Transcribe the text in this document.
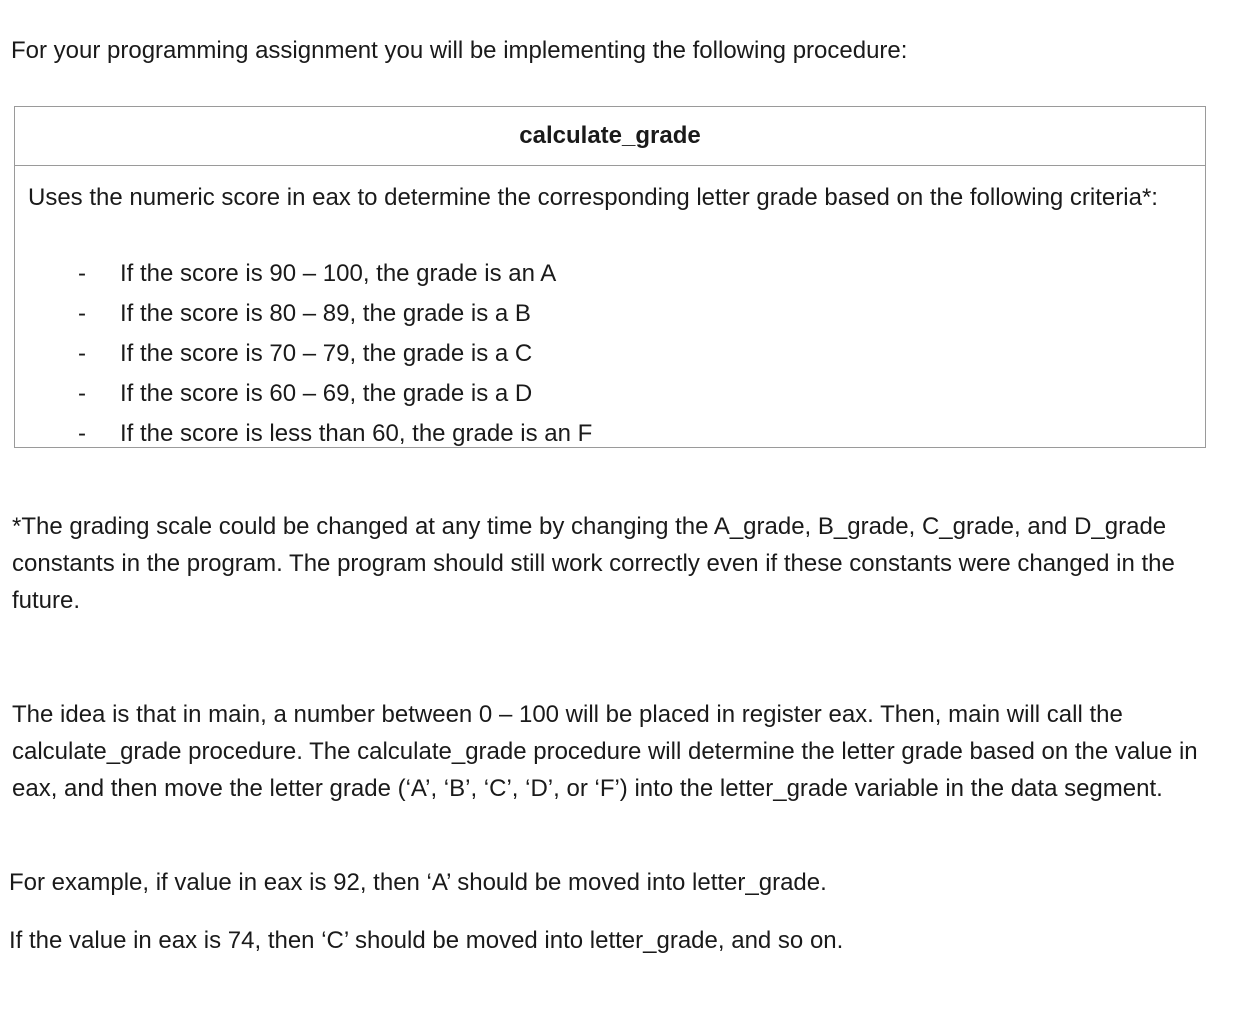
For your programming assignment you will be implementing the following procedure:
calculate_grade
Uses the numeric score in eax to determine the corresponding letter grade based on the following criteria*:
- If the score is 90 – 100, the grade is an A
- If the score is 80 – 89, the grade is a B
- If the score is 70 – 79, the grade is a C
- If the score is 60 – 69, the grade is a D
- If the score is less than 60, the grade is an F
*The grading scale could be changed at any time by changing the A_grade, B_grade, C_grade, and D_grade constants in the program. The program should still work correctly even if these constants were changed in the future.
The idea is that in main, a number between 0 – 100 will be placed in register eax. Then, main will call the calculate_grade procedure. The calculate_grade procedure will determine the letter grade based on the value in eax, and then move the letter grade (‘A’, ‘B’, ‘C’, ‘D’, or ‘F’) into the letter_grade variable in the data segment.
For example, if value in eax is 92, then ‘A’ should be moved into letter_grade.
If the value in eax is 74, then ‘C’ should be moved into letter_grade, and so on.
